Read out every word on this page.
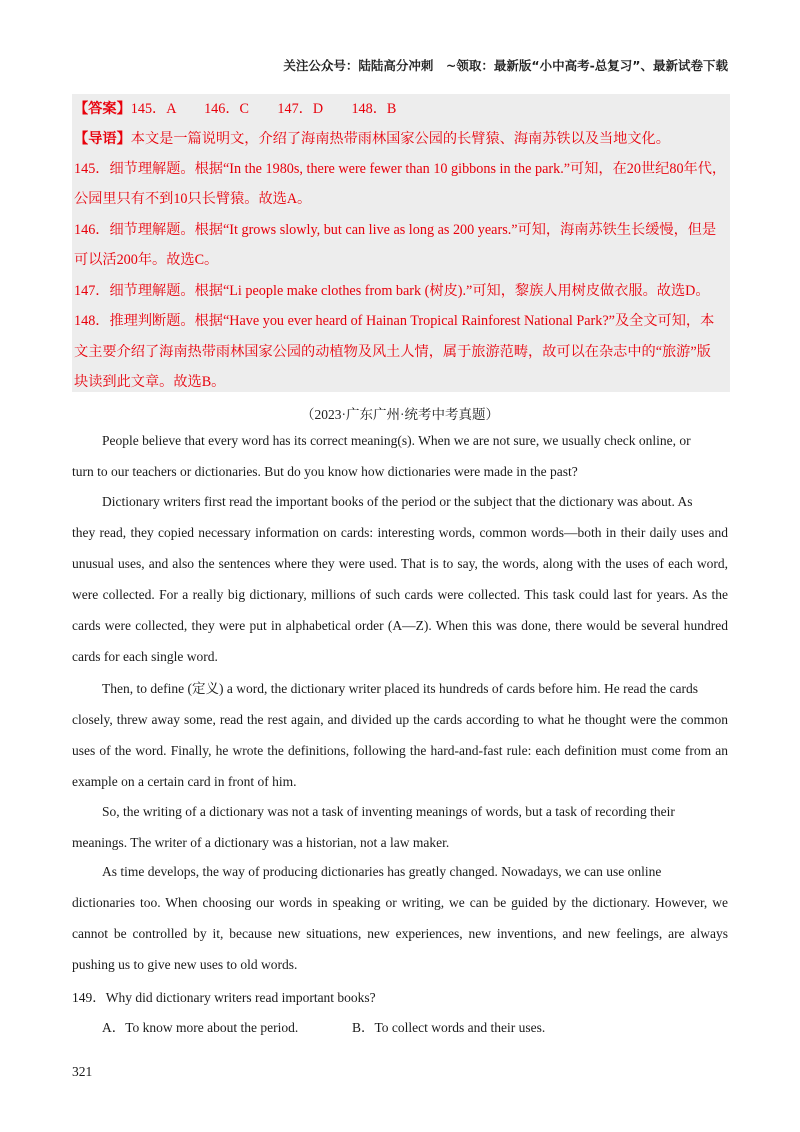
关注公众号：陆陆高分冲刺　~领取：最新版“小中高考-总复习”、最新试卷下载
【答案】145．A　　146．C　　147．D　　148．B
【导语】本文是一篇说明文，介绍了海南热带雨林国家公园的长臂猿、海南苏铁以及当地文化。
145．细节理解题。根据“In the 1980s, there were fewer than 10 gibbons in the park.”可知，在20世纪80年代，
公园里只有不到10只长臂猿。故选A。
146．细节理解题。根据“It grows slowly, but can live as long as 200 years.”可知，海南苏铁生长缓慢，但是
可以活200年。故选C。
147．细节理解题。根据“Li people make clothes from bark (树皮).”可知，黎族人用树皮做衣服。故选D。
148．推理判断题。根据“Have you ever heard of Hainan Tropical Rainforest National Park?”及全文可知，本
文主要介绍了海南热带雨林国家公园的动植物及风土人情，属于旅游范畴，故可以在杂志中的“旅游”版
块读到此文章。故选B。
（2023·广东广州·统考中考真题）

People believe that every word has its correct meaning(s). When we are not sure, we usually check online, or
turn to our teachers or dictionaries. But do you know how dictionaries were made in the past?

Dictionary writers first read the important books of the period or the subject that the dictionary was about. As
they read, they copied necessary information on cards: interesting words, common words—both in their daily uses and unusual uses, and also the sentences where they were used. That is to say, the words, along with the uses of each word, were collected. For a really big dictionary, millions of such cards were collected. This task could last for years. As the cards were collected, they were put in alphabetical order (A—Z). When this was done, there would be several hundred cards for each single word.

Then, to define (定义) a word, the dictionary writer placed its hundreds of cards before him. He read the cards
closely, threw away some, read the rest again, and divided up the cards according to what he thought were the common uses of the word. Finally, he wrote the definitions, following the hard-and-fast rule: each definition must come from an example on a certain card in front of him.

So, the writing of a dictionary was not a task of inventing meanings of words, but a task of recording their
meanings. The writer of a dictionary was a historian, not a law maker.

As time develops, the way of producing dictionaries has greatly changed. Nowadays, we can use online
dictionaries too. When choosing our words in speaking or writing, we can be guided by the dictionary. However, we cannot be controlled by it, because new situations, new experiences, new inventions, and new feelings, are always pushing us to give new uses to old words.

149．Why did dictionary writers read important books?
A．To know more about the period.	B．To collect words and their uses.
321
